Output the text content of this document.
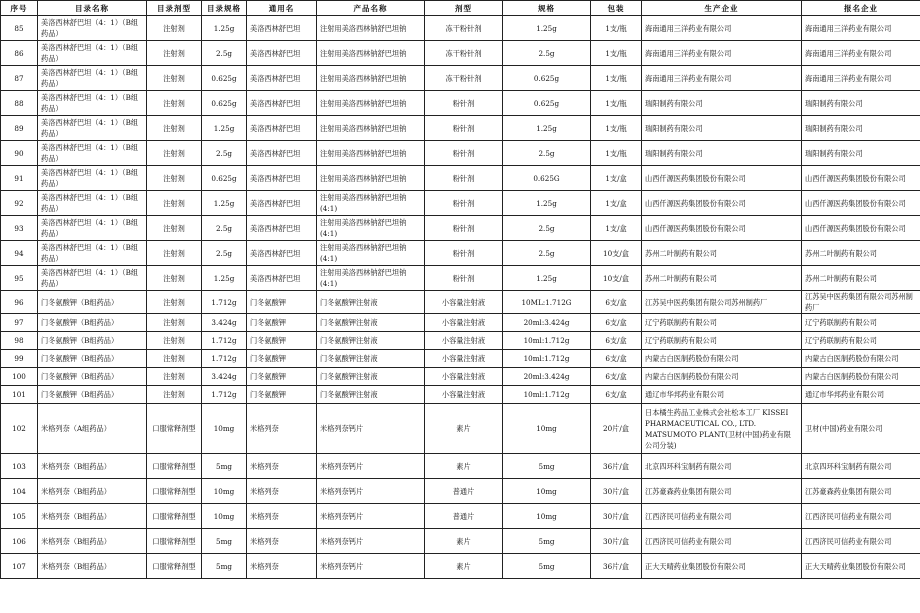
序号	目录名称	目录剂型	目录规格	通用名	产品名称	剂型	规格	包装	生产企业	报名企业
85	美洛西林舒巴坦（4：1）（B组药品）	注射剂	1.25g	美洛西林舒巴坦	注射用美洛西林钠舒巴坦钠	冻干粉针剂	1.25g	1支/瓶	海南通用三洋药业有限公司	海南通用三洋药业有限公司
86	美洛西林舒巴坦（4：1）（B组药品）	注射剂	2.5g	美洛西林舒巴坦	注射用美洛西林钠舒巴坦钠	冻干粉针剂	2.5g	1支/瓶	海南通用三洋药业有限公司	海南通用三洋药业有限公司
87	美洛西林舒巴坦（4：1）（B组药品）	注射剂	0.625g	美洛西林舒巴坦	注射用美洛西林钠舒巴坦钠	冻干粉针剂	0.625g	1支/瓶	海南通用三洋药业有限公司	海南通用三洋药业有限公司
88	美洛西林舒巴坦（4：1）（B组药品）	注射剂	0.625g	美洛西林舒巴坦	注射用美洛西林钠舒巴坦钠	粉针剂	0.625g	1支/瓶	瑞阳制药有限公司	瑞阳制药有限公司
89	美洛西林舒巴坦（4：1）（B组药品）	注射剂	1.25g	美洛西林舒巴坦	注射用美洛西林钠舒巴坦钠	粉针剂	1.25g	1支/瓶	瑞阳制药有限公司	瑞阳制药有限公司
90	美洛西林舒巴坦（4：1）（B组药品）	注射剂	2.5g	美洛西林舒巴坦	注射用美洛西林钠舒巴坦钠	粉针剂	2.5g	1支/瓶	瑞阳制药有限公司	瑞阳制药有限公司
91	美洛西林舒巴坦（4：1）（B组药品）	注射剂	0.625g	美洛西林舒巴坦	注射用美洛西林钠舒巴坦钠	粉针剂	0.625G	1支/盒	山西仟源医药集团股份有限公司	山西仟源医药集团股份有限公司
92	美洛西林舒巴坦（4：1）（B组药品）	注射剂	1.25g	美洛西林舒巴坦	注射用美洛西林钠舒巴坦钠(4:1)	粉针剂	1.25g	1支/盒	山西仟源医药集团股份有限公司	山西仟源医药集团股份有限公司
93	美洛西林舒巴坦（4：1）（B组药品）	注射剂	2.5g	美洛西林舒巴坦	注射用美洛西林钠舒巴坦钠(4:1)	粉针剂	2.5g	1支/盒	山西仟源医药集团股份有限公司	山西仟源医药集团股份有限公司
94	美洛西林舒巴坦（4：1）（B组药品）	注射剂	2.5g	美洛西林舒巴坦	注射用美洛西林钠舒巴坦钠(4:1)	粉针剂	2.5g	10支/盒	苏州二叶制药有限公司	苏州二叶制药有限公司
95	美洛西林舒巴坦（4：1）（B组药品）	注射剂	1.25g	美洛西林舒巴坦	注射用美洛西林钠舒巴坦钠(4:1)	粉针剂	1.25g	10支/盒	苏州二叶制药有限公司	苏州二叶制药有限公司
96	门冬氨酸钾（B组药品）	注射剂	1.712g	门冬氨酸钾	门冬氨酸钾注射液	小容量注射液	10ML:1.712G	6支/盒	江苏吴中医药集团有限公司苏州制药厂	江苏吴中医药集团有限公司苏州制药厂
97	门冬氨酸钾（B组药品）	注射剂	3.424g	门冬氨酸钾	门冬氨酸钾注射液	小容量注射液	20ml:3.424g	6支/盒	辽宁药联制药有限公司	辽宁药联制药有限公司
98	门冬氨酸钾（B组药品）	注射剂	1.712g	门冬氨酸钾	门冬氨酸钾注射液	小容量注射液	10ml:1.712g	6支/盒	辽宁药联制药有限公司	辽宁药联制药有限公司
99	门冬氨酸钾（B组药品）	注射剂	1.712g	门冬氨酸钾	门冬氨酸钾注射液	小容量注射液	10ml:1.712g	6支/盒	内蒙古白医制药股份有限公司	内蒙古白医制药股份有限公司
100	门冬氨酸钾（B组药品）	注射剂	3.424g	门冬氨酸钾	门冬氨酸钾注射液	小容量注射液	20ml:3.424g	6支/盒	内蒙古白医制药股份有限公司	内蒙古白医制药股份有限公司
101	门冬氨酸钾（B组药品）	注射剂	1.712g	门冬氨酸钾	门冬氨酸钾注射液	小容量注射液	10ml:1.712g	6支/盒	通辽市华邦药业有限公司	通辽市华邦药业有限公司
102	米格列奈（A组药品）	口服常释剂型	10mg	米格列奈	米格列奈钙片	素片	10mg	20片/盒	日本橘生药品工业株式会社松本工厂 KISSEI PHARMACEUTICAL CO., LTD. MATSUMOTO PLANT(卫材(中国)药业有限公司分装)	卫材(中国)药业有限公司
103	米格列奈（B组药品）	口服常释剂型	5mg	米格列奈	米格列奈钙片	素片	5mg	36片/盒	北京四环科宝制药有限公司	北京四环科宝制药有限公司
104	米格列奈（B组药品）	口服常释剂型	10mg	米格列奈	米格列奈钙片	普通片	10mg	30片/盒	江苏豪森药业集团有限公司	江苏豪森药业集团有限公司
105	米格列奈（B组药品）	口服常释剂型	10mg	米格列奈	米格列奈钙片	普通片	10mg	30片/盒	江西济民可信药业有限公司	江西济民可信药业有限公司
106	米格列奈（B组药品）	口服常释剂型	5mg	米格列奈	米格列奈钙片	素片	5mg	30片/盒	江西济民可信药业有限公司	江西济民可信药业有限公司
107	米格列奈（B组药品）	口服常释剂型	5mg	米格列奈	米格列奈钙片	素片	5mg	36片/盒	正大天晴药业集团股份有限公司	正大天晴药业集团股份有限公司
